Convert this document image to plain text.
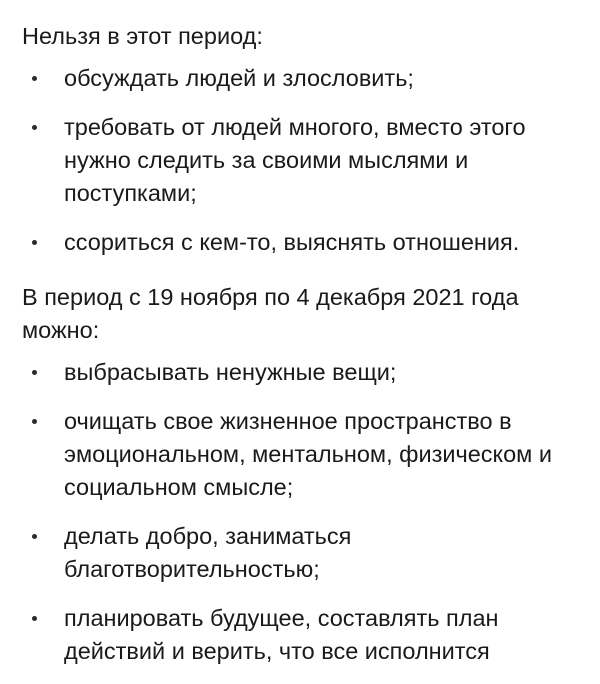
Нельзя в этот период:

обсуждать людей и злословить;
требовать от людей многого, вместо этого нужно следить за своими мыслями и поступками;
ссориться с кем-то, выяснять отношения.

В период с 19 ноября по 4 декабря 2021 года можно:

выбрасывать ненужные вещи;
очищать свое жизненное пространство в эмоциональном, ментальном, физическом и социальном смысле;
делать добро, заниматься благотворительностью;
планировать будущее, составлять план действий и верить, что все исполнится
